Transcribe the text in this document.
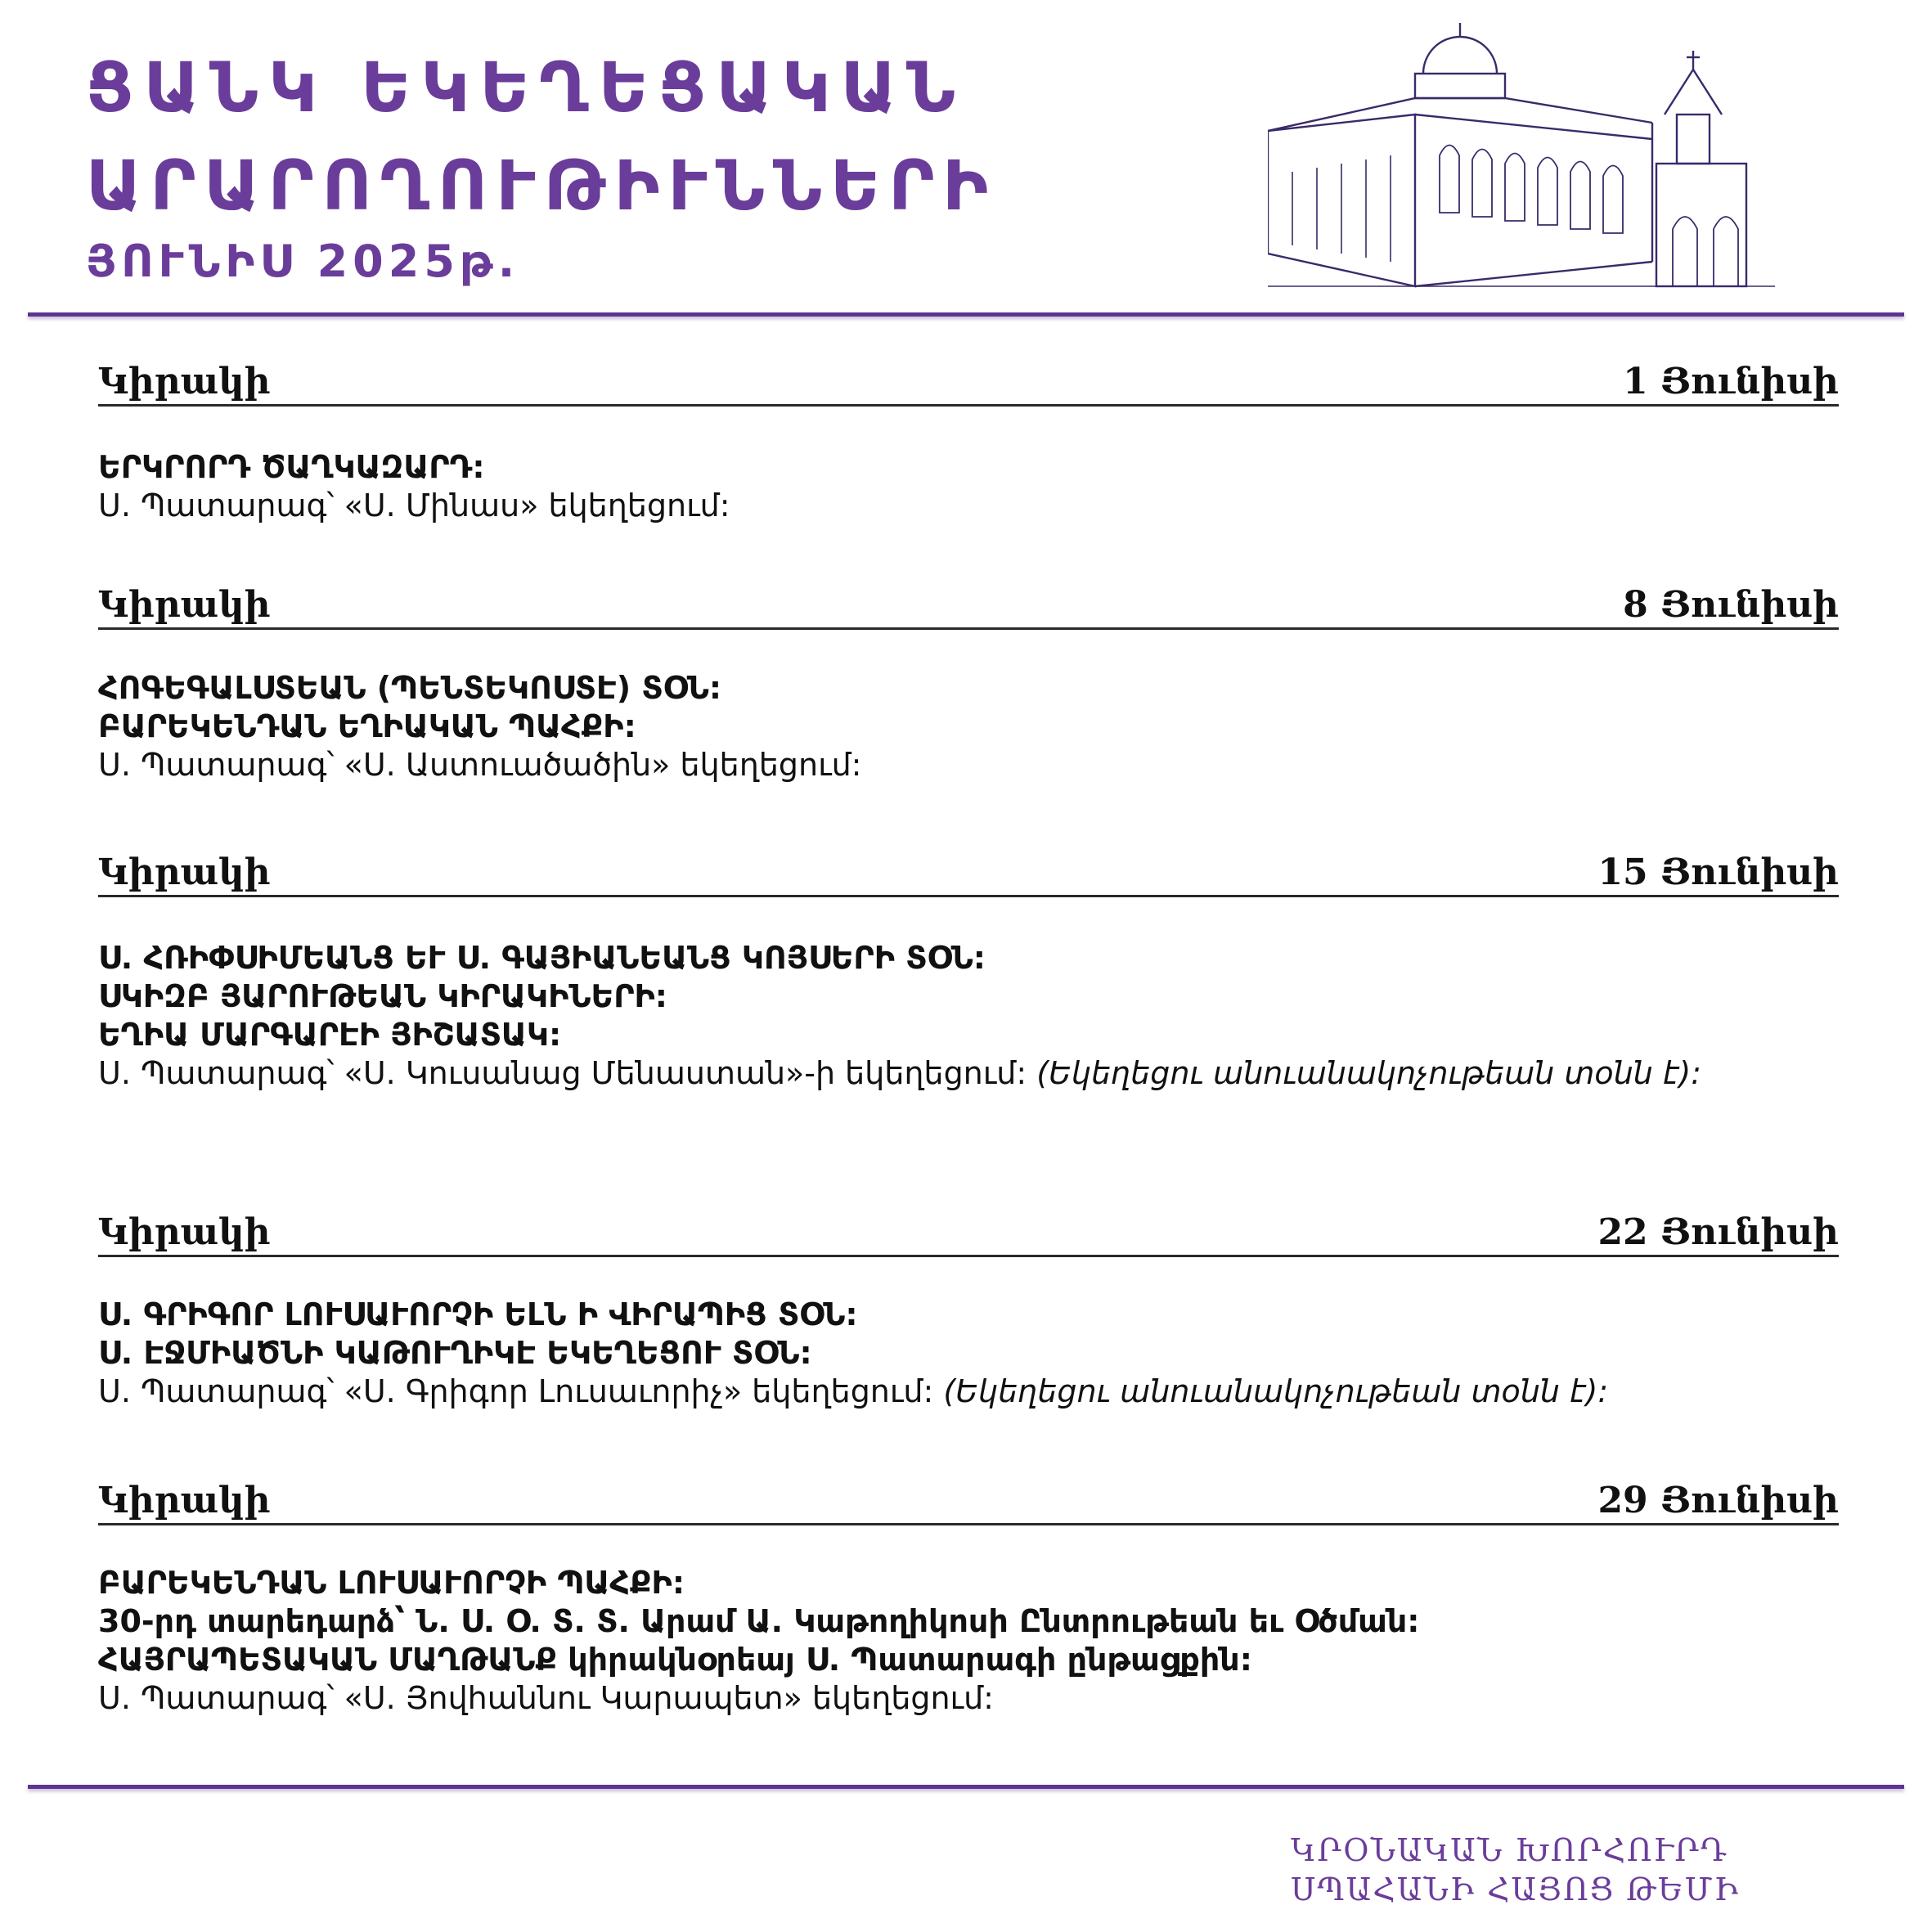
ՑԱՆԿ ԵԿԵՂԵՑԱԿԱՆ
ԱՐԱՐՈՂՈՒԹԻՒՆՆԵՐԻ
ՅՈՒՆԻՍ 2025թ.
Կիրակի	1 Յունիսի
ԵՐԿՐՈՐԴ ԾԱՂԿԱԶԱՐԴ:
Ս. Պատարագ՝ «Ս. Մինաս» եկեղեցում:
Կիրակի	8 Յունիսի
ՀՈԳԵԳԱԼՍՏԵԱՆ (ՊԵՆՏԵԿՈՍՏԷ) ՏՕՆ:
ԲԱՐԵԿԵՆԴԱՆ ԵՂԻԱԿԱՆ ՊԱՀՔԻ:
Ս. Պատարագ՝ «Ս. Աստուածածին» եկեղեցում:
Կիրակի	15 Յունիսի
Ս. ՀՌԻՓՍԻՄԵԱՆՑ ԵՒ Ս. ԳԱՅԻԱՆԵԱՆՑ ԿՈՅՍԵՐԻ ՏՕՆ:
ՍԿԻԶԲ ՅԱՐՈՒԹԵԱՆ ԿԻՐԱԿԻՆԵՐԻ:
ԵՂԻԱ ՄԱՐԳԱՐԷԻ ՅԻՇԱՏԱԿ:
Ս. Պատարագ՝ «Ս. Կուսանաց Մենաստան»-ի եկեղեցում: (Եկեղեցու անուանակոչութեան տօնն է):
Կիրակի	22 Յունիսի
Ս. ԳՐԻԳՈՐ ԼՈՒՍԱՒՈՐՉԻ ԵԼՆ Ի ՎԻՐԱՊԻՑ ՏՕՆ:
Ս. ԷՋՄԻԱԾՆԻ ԿԱԹՈՒՂԻԿԷ ԵԿԵՂԵՑՈՒ ՏՕՆ:
Ս. Պատարագ՝ «Ս. Գրիգոր Լուսաւորիչ» եկեղեցում: (Եկեղեցու անուանակոչութեան տօնն է):
Կիրակի	29 Յունիսի
ԲԱՐԵԿԵՆԴԱՆ ԼՈՒՍԱՒՈՐՉԻ ՊԱՀՔԻ:
30-րդ տարեդարձ՝ Ն. Ս. Օ. Տ. Տ. Արամ Ա. Կաթողիկոսի Ընտրութեան եւ Օծման:
ՀԱՅՐԱՊԵՏԱԿԱՆ ՄԱՂԹԱՆՔ կիրակնօրեայ Ս. Պատարագի ընթացքին:
Ս. Պատարագ՝ «Ս. Յովհաննու Կարապետ» եկեղեցում:
ԿՐՕՆԱԿԱՆ ԽՈՐՀՈՒՐԴ
ՍՊԱՀԱՆԻ ՀԱՅՈՑ ԹԵՄԻ
